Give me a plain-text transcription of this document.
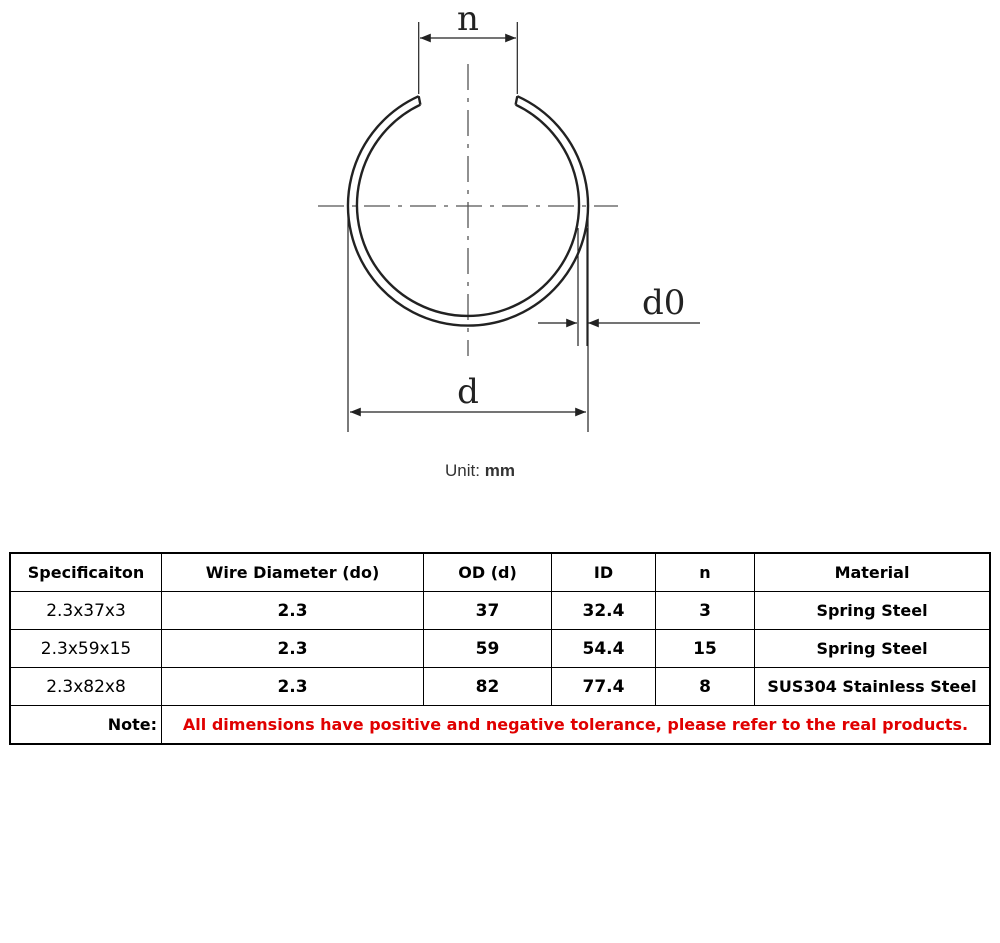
n
d0
d
Unit: mm
Specificaiton	Wire Diameter (do)	OD (d)	ID	n	Material
2.3x37x3	2.3	37	32.4	3	Spring Steel
2.3x59x15	2.3	59	54.4	15	Spring Steel
2.3x82x8	2.3	82	77.4	8	SUS304 Stainless Steel
Note:	All dimensions have positive and negative tolerance, please refer to the real products.				
